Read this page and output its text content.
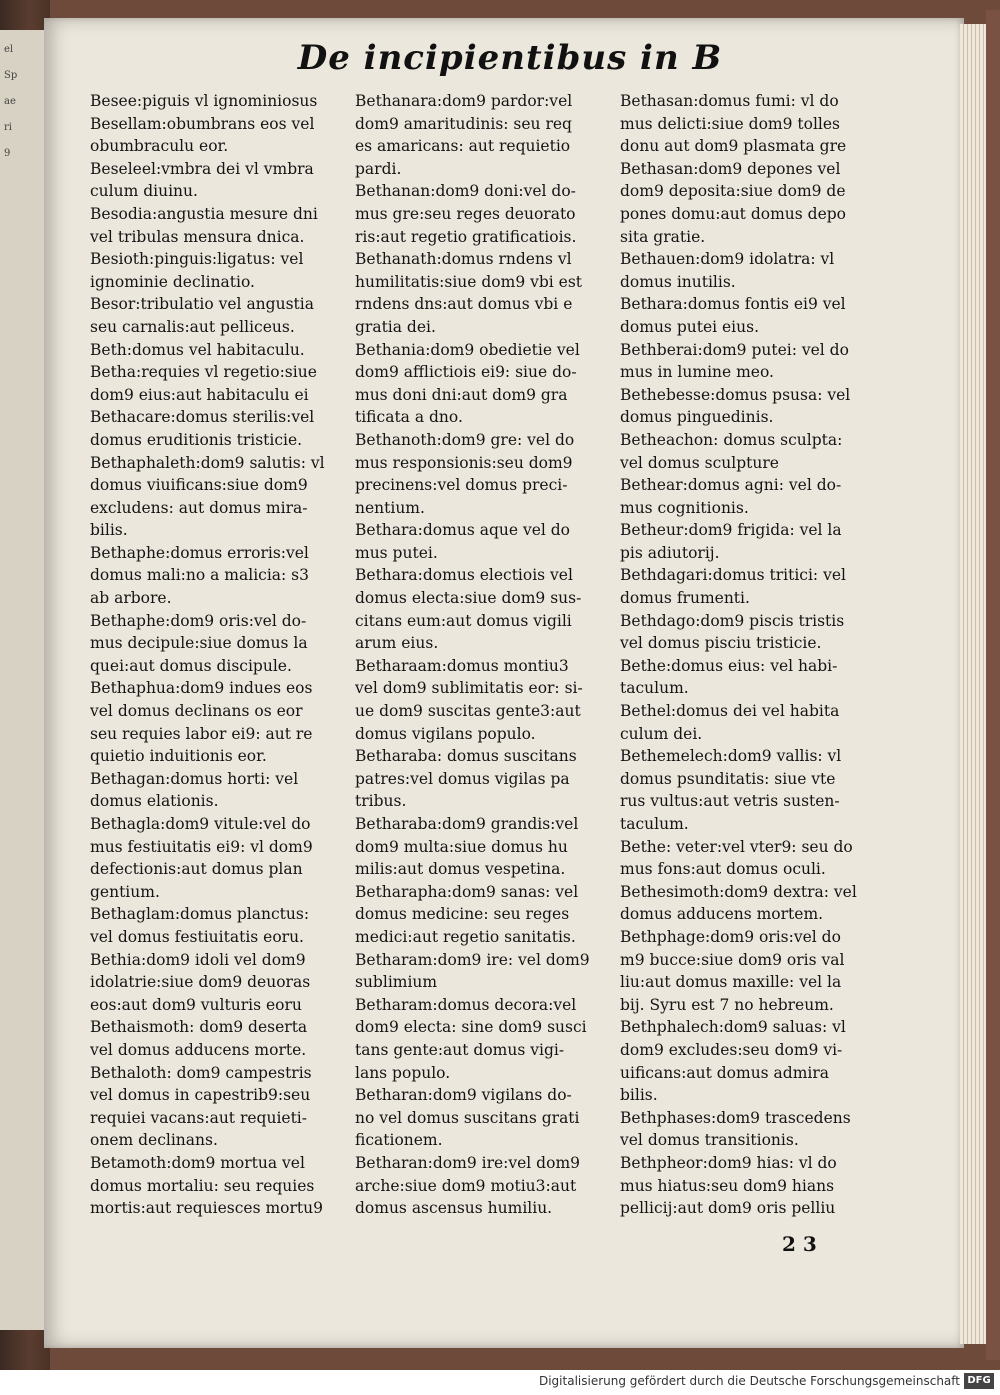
el
Sp
ae
ri
9
De incipientibus in B

Besee:piguis vl ignominiosus

Besellam:obumbrans eos vel

obumbraculu eor.

Beseleel:vmbra dei vl vmbra

culum diuinu.

Besodia:angustia mesure dni

vel tribulas mensura dnica.

Besioth:pinguis:ligatus: vel

ignominie declinatio.

Besor:tribulatio vel angustia

seu carnalis:aut pelliceus.

Beth:domus vel habitaculu.

Betha:requies vl regetio:siue

dom9 eius:aut habitaculu ei

Bethacare:domus sterilis:vel

domus eruditionis tristicie.

Bethaphaleth:dom9 salutis: vl

domus viuificans:siue dom9

excludens: aut domus mira-

bilis.

Bethaphe:domus erroris:vel

domus mali:no a malicia: s3

ab arbore.

Bethaphe:dom9 oris:vel do-

mus decipule:siue domus la

quei:aut domus discipule.

Bethaphua:dom9 indues eos

vel domus declinans os eor

seu requies labor ei9: aut re

quietio induitionis eor.

Bethagan:domus horti: vel

domus elationis.

Bethagla:dom9 vitule:vel do

mus festiuitatis ei9: vl dom9

defectionis:aut domus plan

gentium.

Bethaglam:domus planctus:

vel domus festiuitatis eoru.

Bethia:dom9 idoli vel dom9

idolatrie:siue dom9 deuoras

eos:aut dom9 vulturis eoru

Bethaismoth: dom9 deserta

vel domus adducens morte.

Bethaloth: dom9 campestris

vel domus in capestrib9:seu

requiei vacans:aut requieti-

onem declinans.

Betamoth:dom9 mortua vel

domus mortaliu: seu requies

mortis:aut requiesces mortu9

Bethanara:dom9 pardor:vel

dom9 amaritudinis: seu req

es amaricans: aut requietio

pardi.

Bethanan:dom9 doni:vel do-

mus gre:seu reges deuorato

ris:aut regetio gratificatiois.

Bethanath:domus rndens vl

humilitatis:siue dom9 vbi est

rndens dns:aut domus vbi e

gratia dei.

Bethania:dom9 obedietie vel

dom9 afflictiois ei9: siue do-

mus doni dni:aut dom9 gra

tificata a dno.

Bethanoth:dom9 gre: vel do

mus responsionis:seu dom9

precinens:vel domus preci-

nentium.

Bethara:domus aque vel do

mus putei.

Bethara:domus electiois vel

domus electa:siue dom9 sus-

citans eum:aut domus vigili

arum eius.

Betharaam:domus montiu3

vel dom9 sublimitatis eor: si-

ue dom9 suscitas gente3:aut

domus vigilans populo.

Betharaba: domus suscitans

patres:vel domus vigilas pa

tribus.

Betharaba:dom9 grandis:vel

dom9 multa:siue domus hu

milis:aut domus vespetina.

Betharapha:dom9 sanas: vel

domus medicine: seu reges

medici:aut regetio sanitatis.

Betharam:dom9 ire: vel dom9

sublimium

Betharam:domus decora:vel

dom9 electa: sine dom9 susci

tans gente:aut domus vigi-

lans populo.

Betharan:dom9 vigilans do-

no vel domus suscitans grati

ficationem.

Betharan:dom9 ire:vel dom9

arche:siue dom9 motiu3:aut

domus ascensus humiliu.

Bethasan:domus fumi: vl do

mus delicti:siue dom9 tolles

donu aut dom9 plasmata gre

Bethasan:dom9 depones vel

dom9 deposita:siue dom9 de

pones domu:aut domus depo

sita gratie.

Bethauen:dom9 idolatra: vl

domus inutilis.

Bethara:domus fontis ei9 vel

domus putei eius.

Bethberai:dom9 putei: vel do

mus in lumine meo.

Bethebesse:domus psusa: vel

domus pinguedinis.

Betheachon: domus sculpta:

vel domus sculpture

Bethear:domus agni: vel do-

mus cognitionis.

Betheur:dom9 frigida: vel la

pis adiutorij.

Bethdagari:domus tritici: vel

domus frumenti.

Bethdago:dom9 piscis tristis

vel domus pisciu tristicie.

Bethe:domus eius: vel habi-

taculum.

Bethel:domus dei vel habita

culum dei.

Bethemelech:dom9 vallis: vl

domus psunditatis: siue vte

rus vultus:aut vetris susten-

taculum.

Bethe: veter:vel vter9: seu do

mus fons:aut domus oculi.

Bethesimoth:dom9 dextra: vel

domus adducens mortem.

Bethphage:dom9 oris:vel do

m9 bucce:siue dom9 oris val

liu:aut domus maxille: vel la

bij. Syru est 7 no hebreum.

Bethphalech:dom9 saluas: vl

dom9 excludes:seu dom9 vi-

uificans:aut domus admira

bilis.

Bethphases:dom9 trascedens

vel domus transitionis.

Bethpheor:dom9 hias: vl do

mus hiatus:seu dom9 hians

pellicij:aut dom9 oris pelliu

2 3
Digitalisierung gefördert durch die Deutsche Forschungsgemeinschaft DFG
